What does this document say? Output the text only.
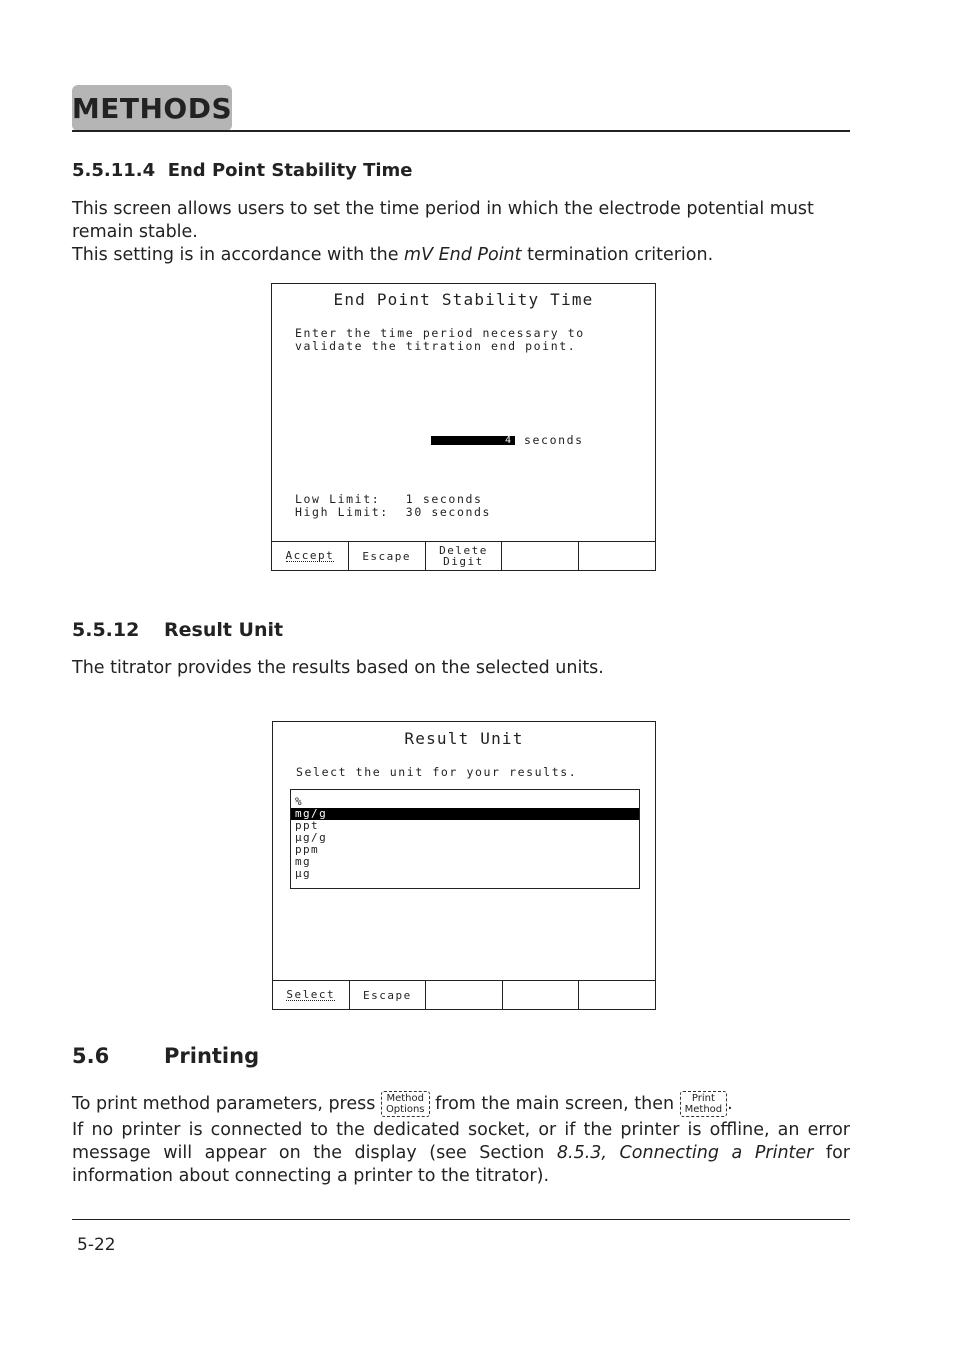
METHODS
5.5.11.4 End Point Stability Time
This screen allows users to set the time period in which the electrode potential must remain stable.
This setting is in accordance with the mV End Point termination criterion.
End Point Stability Time
Enter the time period necessary to
validate the titration end point.
4	seconds
Low Limit:   1 seconds
High Limit:  30 seconds
Accept	Escape	Delete
Digit
5.5.12 Result Unit
The titrator provides the results based on the selected units.
Result Unit
Select the unit for your results.
%
mg/g
ppt
µg/g
ppm
mg
µg
Select	Escape
5.6	Printing
To print method parameters, press Method
Options from the main screen, then Print
Method .
If no printer is connected to the dedicated socket, or if the printer is offline, an error message will appear on the display (see Section 8.5.3, Connecting a Printer for information about connecting a printer to the titrator).
5-22
